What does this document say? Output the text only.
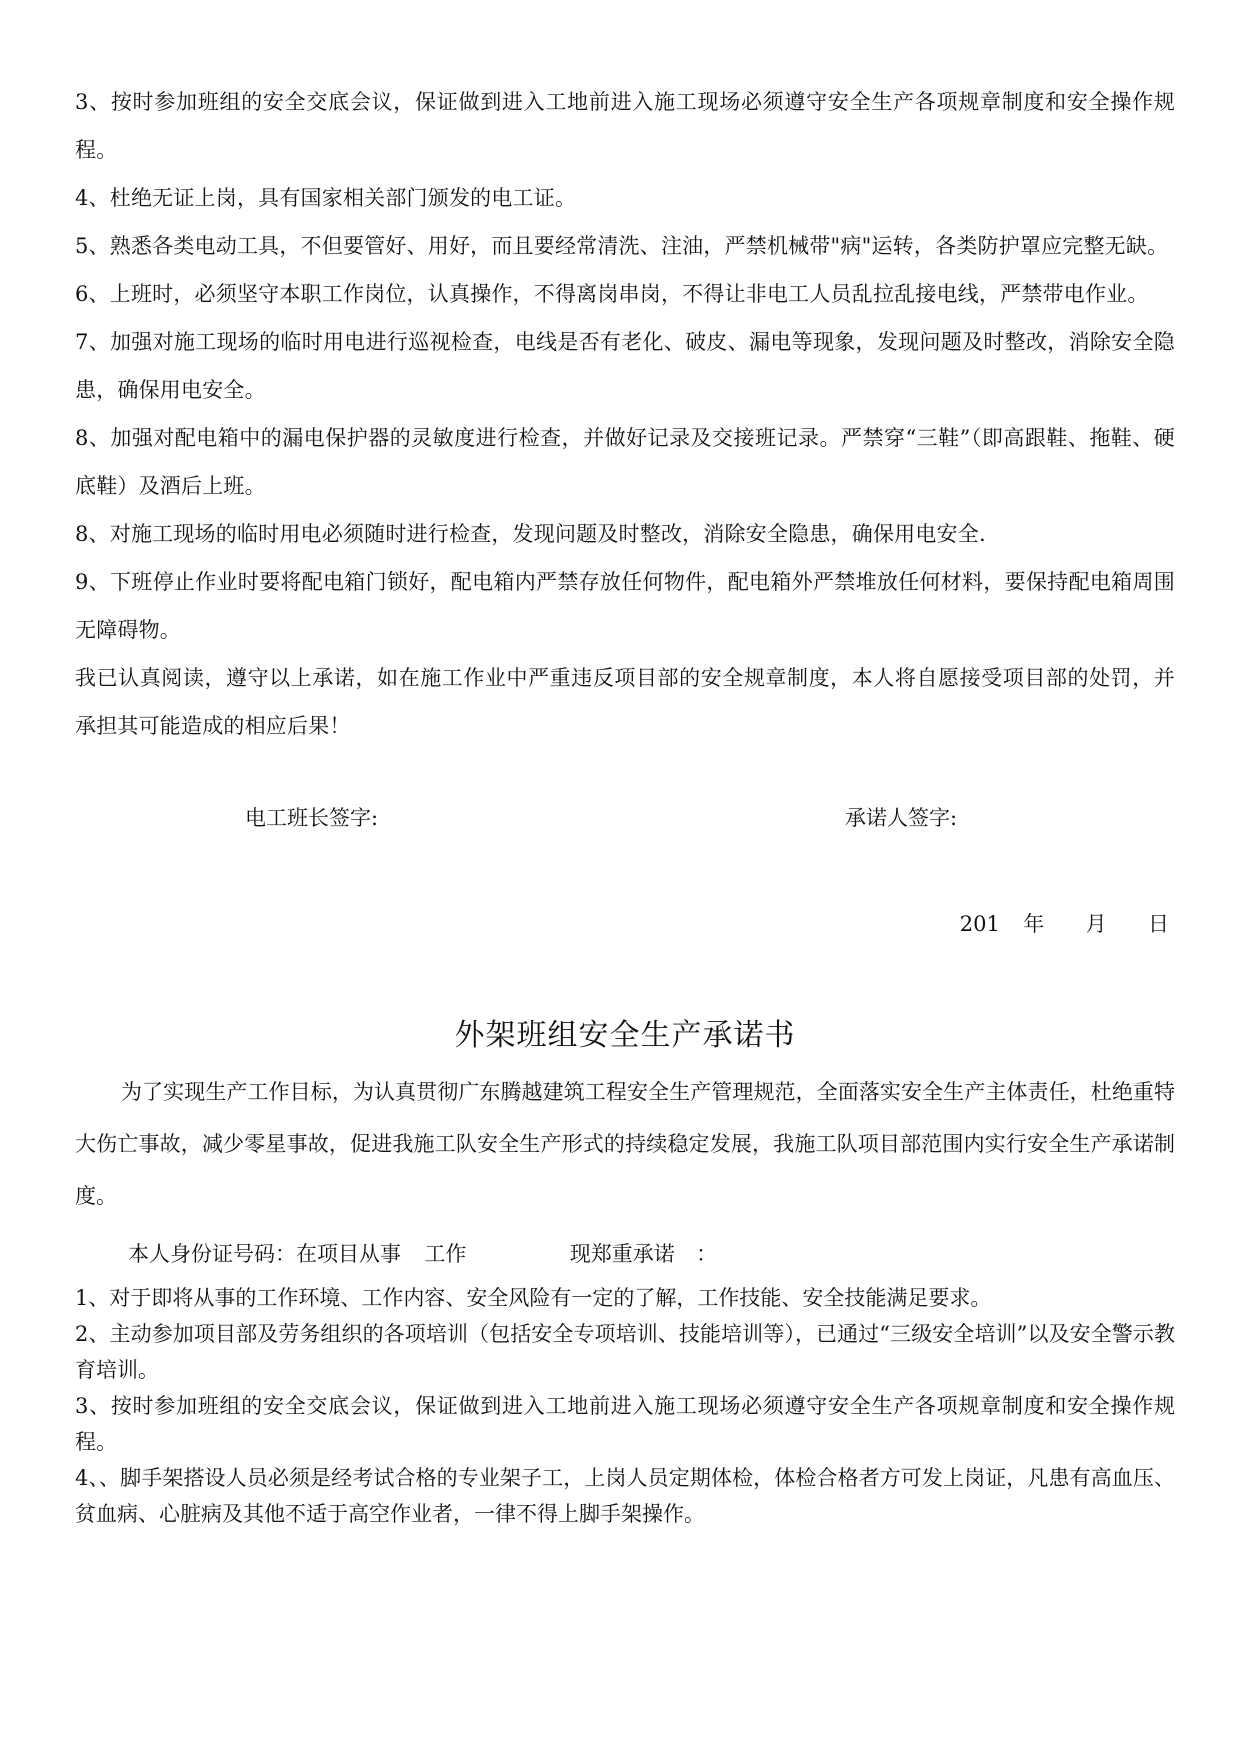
3、按时参加班组的安全交底会议，保证做到进入工地前进入施工现场必须遵守安全生产各项规章制度和安全操作规程。

4、杜绝无证上岗，具有国家相关部门颁发的电工证。

5、熟悉各类电动工具，不但要管好、用好，而且要经常清洗、注油，严禁机械带"病"运转，各类防护罩应完整无缺。

6、上班时，必须坚守本职工作岗位，认真操作，不得离岗串岗，不得让非电工人员乱拉乱接电线，严禁带电作业。

7、加强对施工现场的临时用电进行巡视检查，电线是否有老化、破皮、漏电等现象，发现问题及时整改，消除安全隐患，确保用电安全。

8、加强对配电箱中的漏电保护器的灵敏度进行检查，并做好记录及交接班记录。严禁穿“三鞋”（即高跟鞋、拖鞋、硬底鞋）及酒后上班。

8、对施工现场的临时用电必须随时进行检查，发现问题及时整改，消除安全隐患，确保用电安全.

9、下班停止作业时要将配电箱门锁好，配电箱内严禁存放任何物件，配电箱外严禁堆放任何材料，要保持配电箱周围无障碍物。

我已认真阅读，遵守以上承诺，如在施工作业中严重违反项目部的安全规章制度，本人将自愿接受项目部的处罚，并承担其可能造成的相应后果！

电工班长签字:	承诺人签字:
201 年 月 日
外架班组安全生产承诺书

为了实现生产工作目标，为认真贯彻广东腾越建筑工程安全生产管理规范，全面落实安全生产主体责任，杜绝重特大伤亡事故，减少零星事故，促进我施工队安全生产形式的持续稳定发展，我施工队项目部范围内实行安全生产承诺制度。

本人身份证号码：在项目从事 工作	现郑重承诺 ：

1、对于即将从事的工作环境、工作内容、安全风险有一定的了解，工作技能、安全技能满足要求。

2、主动参加项目部及劳务组织的各项培训（包括安全专项培训、技能培训等），已通过“三级安全培训”以及安全警示教育培训。

3、按时参加班组的安全交底会议，保证做到进入工地前进入施工现场必须遵守安全生产各项规章制度和安全操作规程。

4、、脚手架搭设人员必须是经考试合格的专业架子工，上岗人员定期体检，体检合格者方可发上岗证，凡患有高血压、贫血病、心脏病及其他不适于高空作业者，一律不得上脚手架操作。
